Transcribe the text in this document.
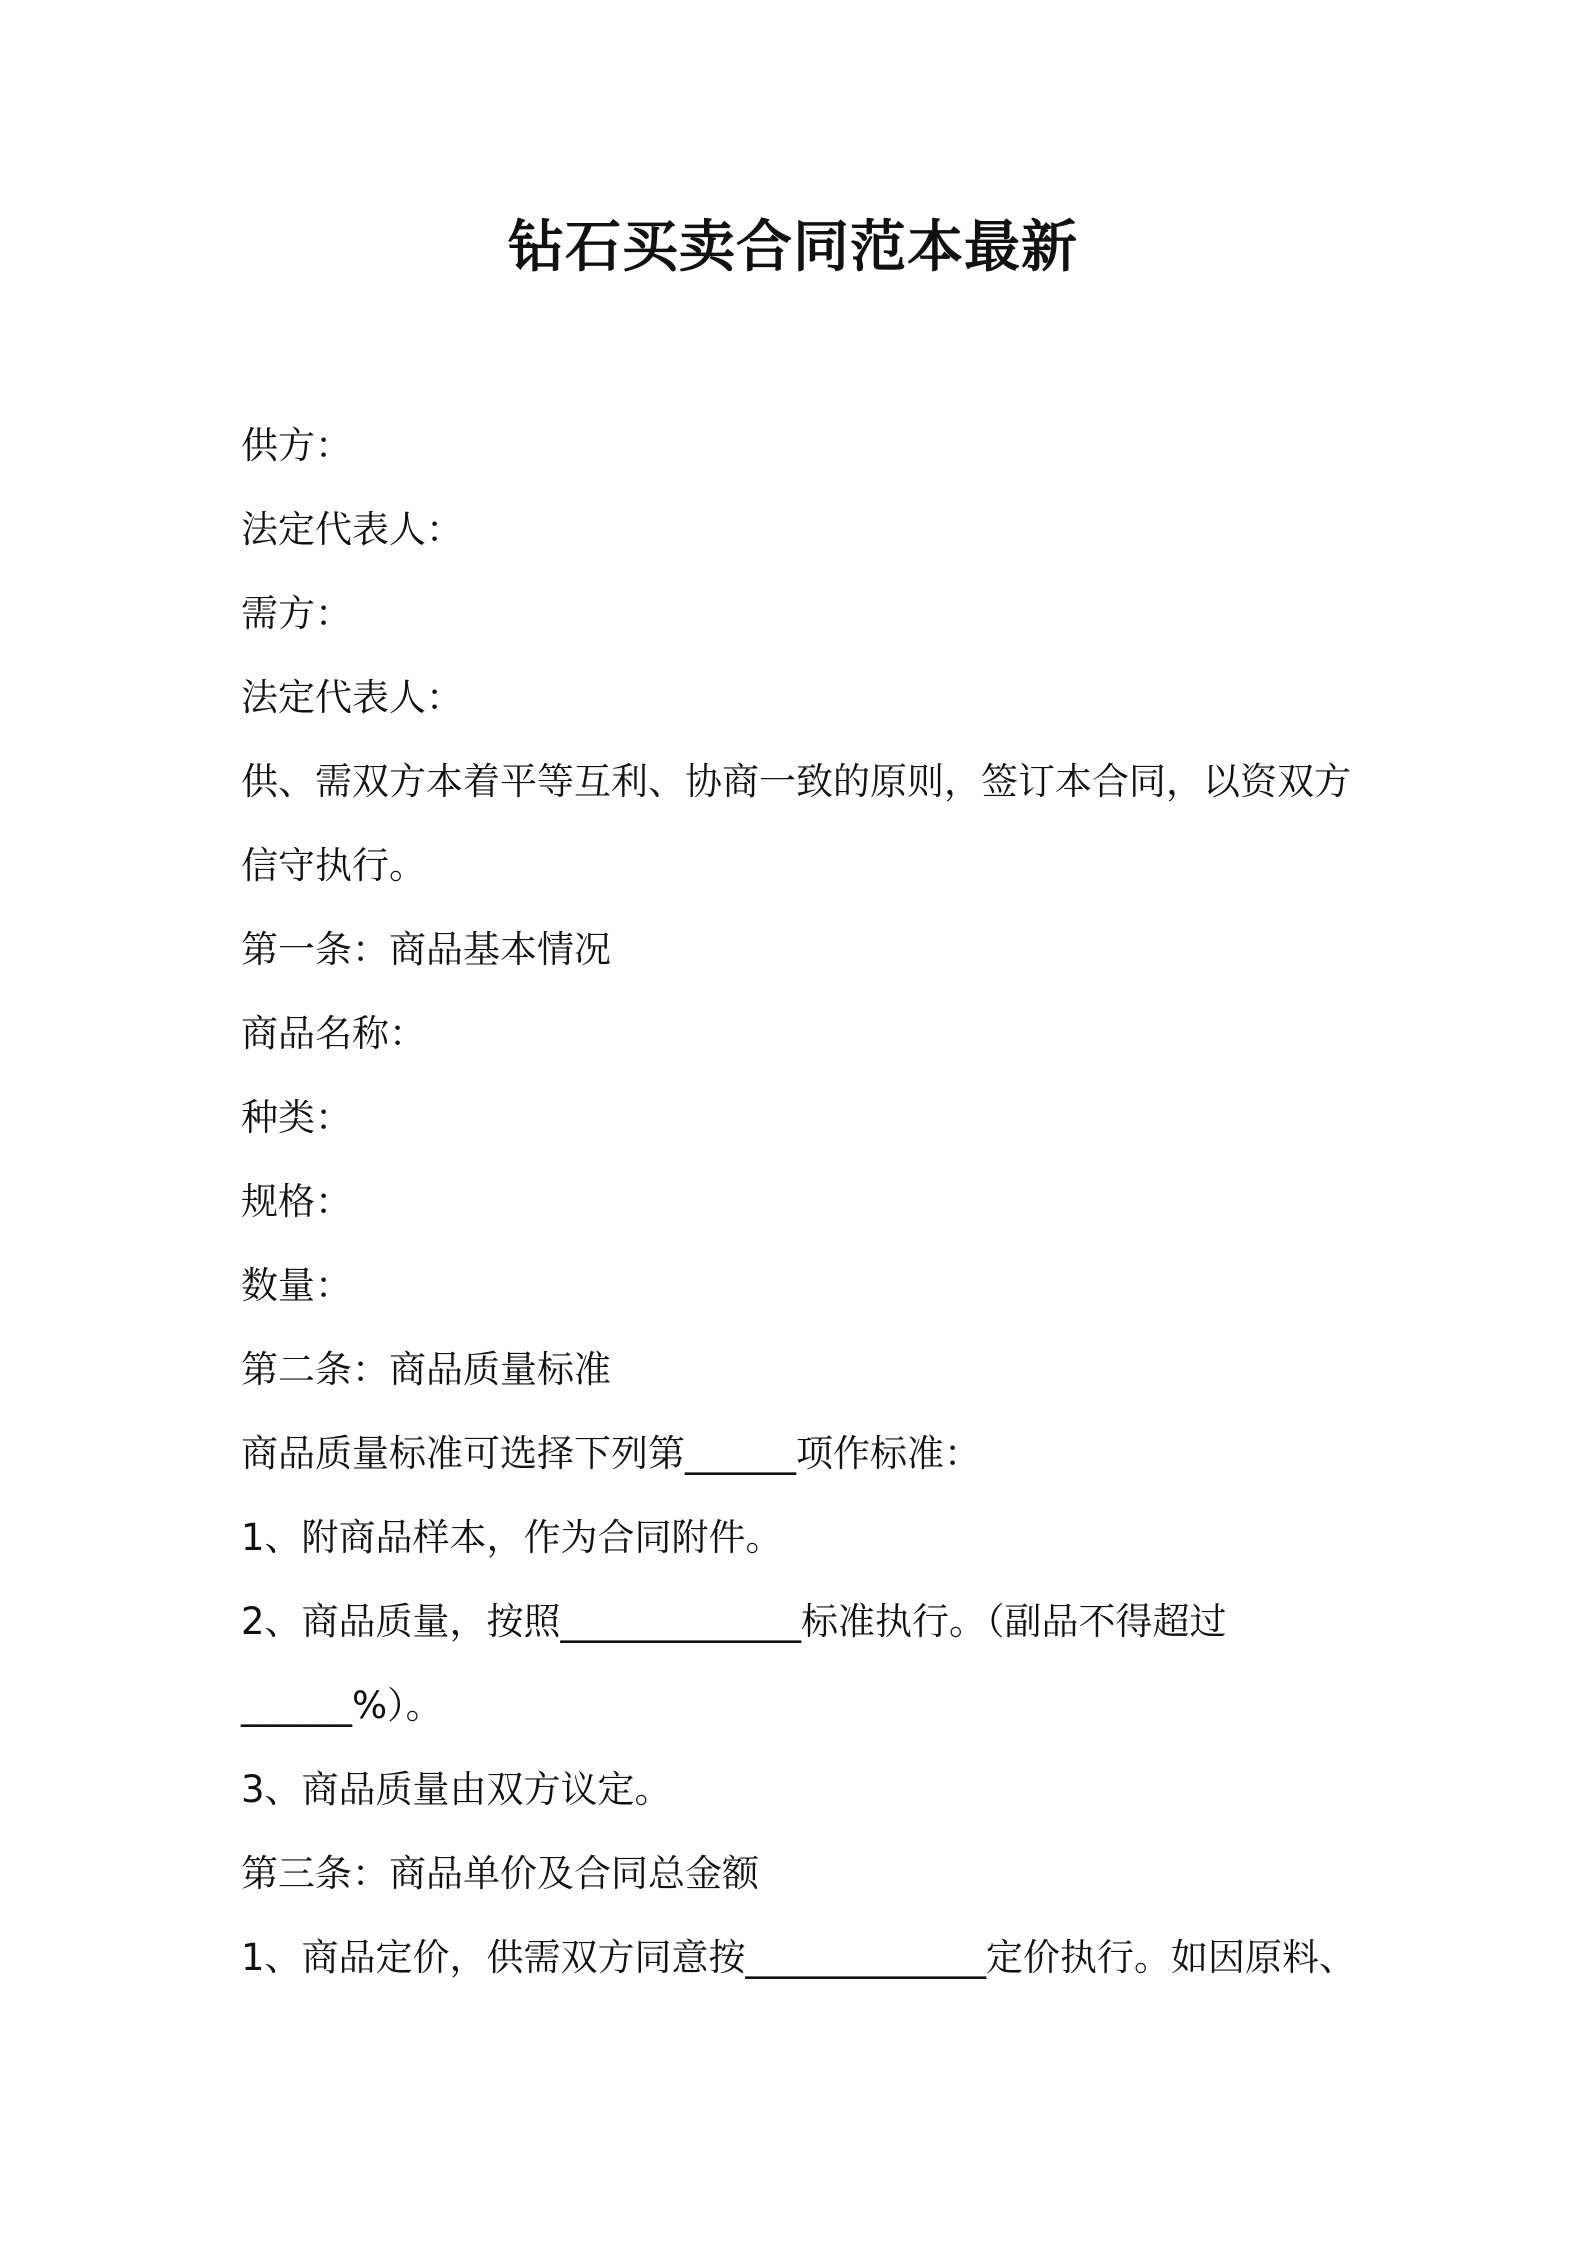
钻石买卖合同范本最新

供方：

法定代表人：

需方：

法定代表人：

供、需双方本着平等互利、协商一致的原则，签订本合同，以资双方

信守执行。

第一条：商品基本情况

商品名称：

种类：

规格：

数量：

第二条：商品质量标准

商品质量标准可选择下列第______项作标准：

1、附商品样本，作为合同附件。

2、商品质量，按照_____________标准执行。（副品不得超过

______%）。

3、商品质量由双方议定。

第三条：商品单价及合同总金额

1、商品定价，供需双方同意按_____________定价执行。如因原料、
